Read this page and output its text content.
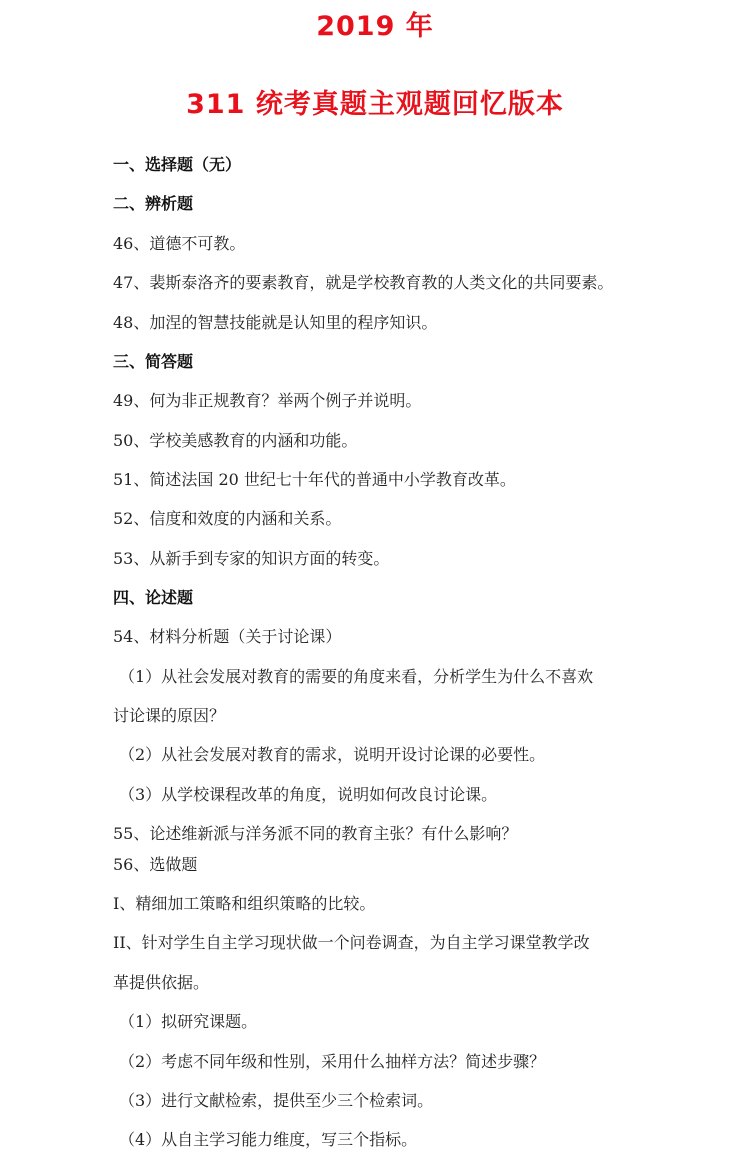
2019 年
311 统考真题主观题回忆版本
一、选择题（无）
二、辨析题
46、道德不可教。
47、裴斯泰洛齐的要素教育，就是学校教育教的人类文化的共同要素。
48、加涅的智慧技能就是认知里的程序知识。
三、简答题
49、何为非正规教育？举两个例子并说明。
50、学校美感教育的内涵和功能。
51、简述法国 20 世纪七十年代的普通中小学教育改革。
52、信度和效度的内涵和关系。
53、从新手到专家的知识方面的转变。
四、论述题
54、材料分析题（关于讨论课）
（1）从社会发展对教育的需要的角度来看，分析学生为什么不喜欢
讨论课的原因？
（2）从社会发展对教育的需求，说明开设讨论课的必要性。
（3）从学校课程改革的角度，说明如何改良讨论课。
55、论述维新派与洋务派不同的教育主张？有什么影响？
56、选做题
I、精细加工策略和组织策略的比较。
II、针对学生自主学习现状做一个问卷调查，为自主学习课堂教学改
革提供依据。
（1）拟研究课题。
（2）考虑不同年级和性别，采用什么抽样方法？简述步骤？
（3）进行文献检索，提供至少三个检索词。
（4）从自主学习能力维度，写三个指标。
